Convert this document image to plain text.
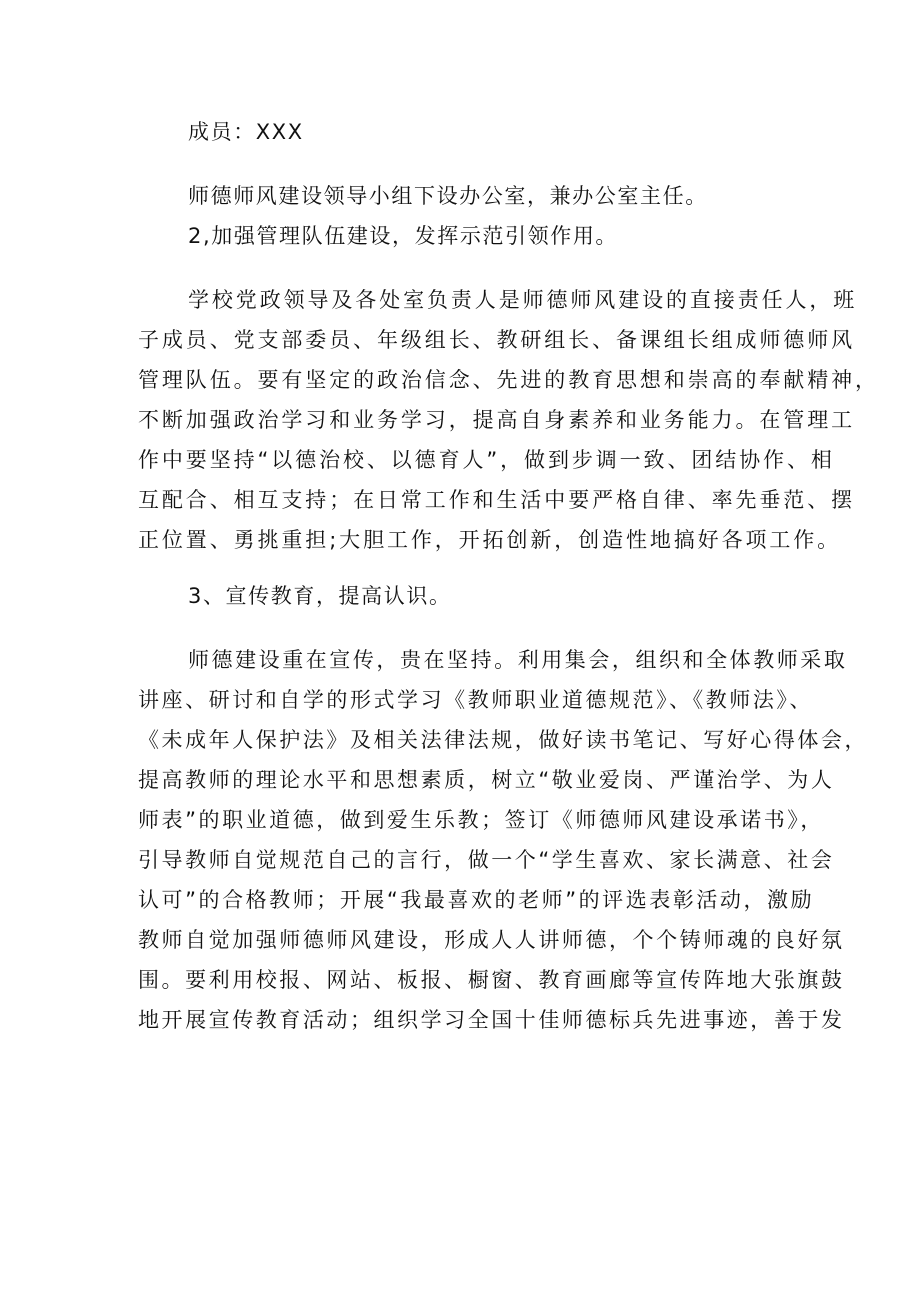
成员：XXX

师德师风建设领导小组下设办公室，兼办公室主任。

2,加强管理队伍建设，发挥示范引领作用。

学校党政领导及各处室负责人是师德师风建设的直接责任人，班

子成员、党支部委员、年级组长、教研组长、备课组长组成师德师风

管理队伍。要有坚定的政治信念、先进的教育思想和崇高的奉献精神，

不断加强政治学习和业务学习，提高自身素养和业务能力。在管理工

作中要坚持“以德治校、以德育人”，做到步调一致、团结协作、相

互配合、相互支持；在日常工作和生活中要严格自律、率先垂范、摆

正位置、勇挑重担;大胆工作，开拓创新，创造性地搞好各项工作。

3、宣传教育，提高认识。

师德建设重在宣传，贵在坚持。利用集会，组织和全体教师采取

讲座、研讨和自学的形式学习《教师职业道德规范》、《教师法》、

《未成年人保护法》及相关法律法规，做好读书笔记、写好心得体会，

提高教师的理论水平和思想素质，树立“敬业爱岗、严谨治学、为人

师表”的职业道德，做到爱生乐教；签订《师德师风建设承诺书》，

引导教师自觉规范自己的言行，做一个“学生喜欢、家长满意、社会

认可”的合格教师；开展“我最喜欢的老师”的评选表彰活动，激励

教师自觉加强师德师风建设，形成人人讲师德，个个铸师魂的良好氛

围。要利用校报、网站、板报、橱窗、教育画廊等宣传阵地大张旗鼓

地开展宣传教育活动；组织学习全国十佳师德标兵先进事迹，善于发
